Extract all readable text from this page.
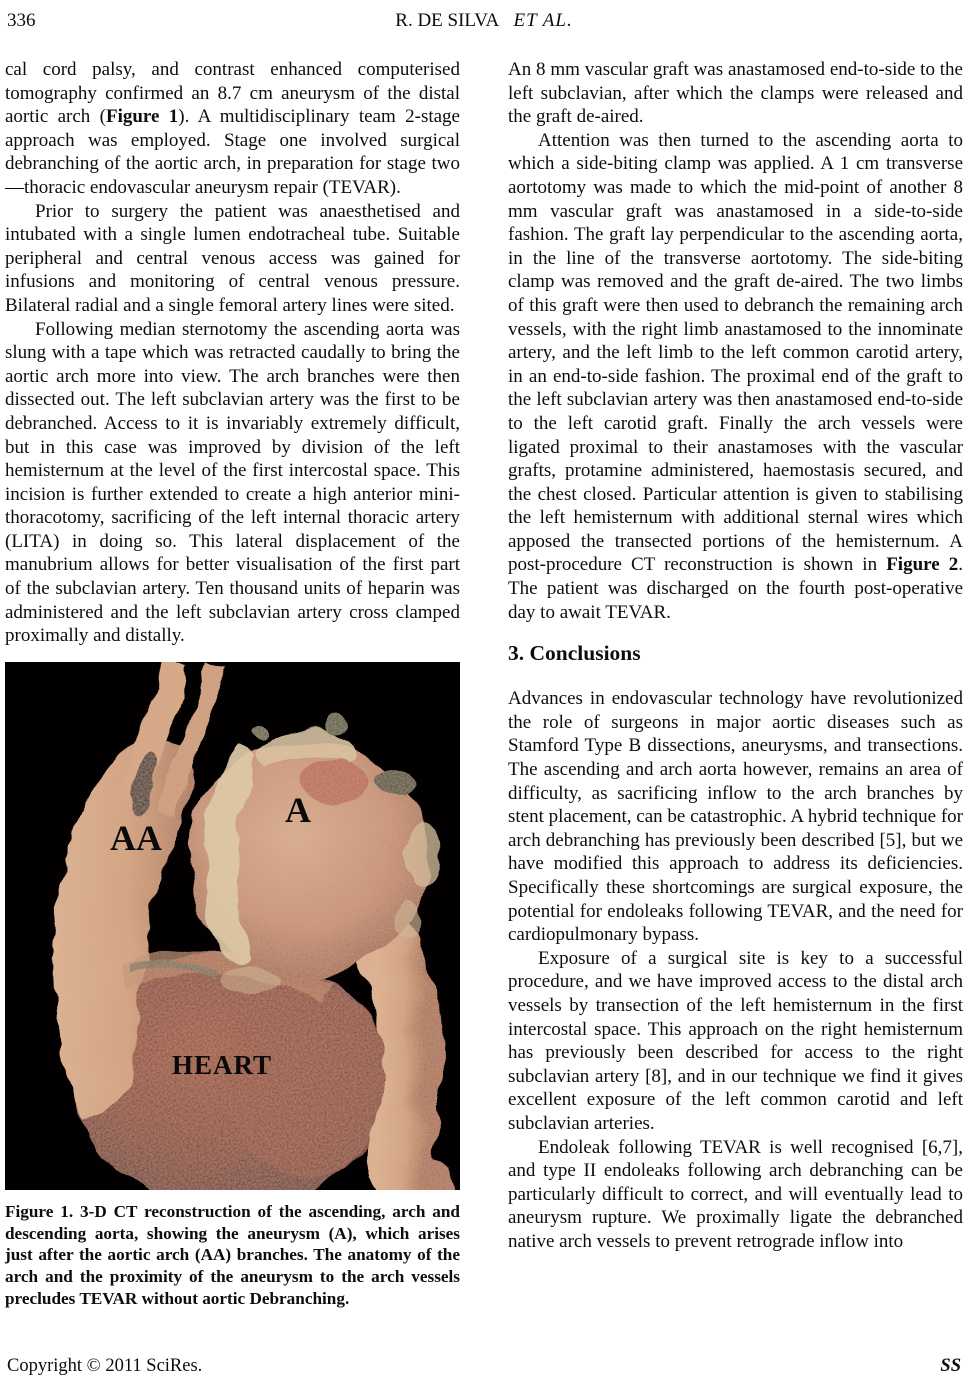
336	R. DE SILVA ET AL.

cal cord palsy, and contrast enhanced computerised tomography confirmed an 8.7 cm aneurysm of the distal aortic arch (Figure 1). A multidisciplinary team 2-stage approach was employed. Stage one involved surgical debranching of the aortic arch, in preparation for stage two—thoracic endovascular aneurysm repair (TEVAR).

Prior to surgery the patient was anaesthetised and intubated with a single lumen endotracheal tube. Suitable peripheral and central venous access was gained for infusions and monitoring of central venous pressure. Bilateral radial and a single femoral artery lines were sited.

Following median sternotomy the ascending aorta was slung with a tape which was retracted caudally to bring the aortic arch more into view. The arch branches were then dissected out. The left subclavian artery was the first to be debranched. Access to it is invariably extremely difficult, but in this case was improved by division of the left hemisternum at the level of the first intercostal space. This incision is further extended to create a high anterior mini-thoracotomy, sacrificing of the left internal thoracic artery (LITA) in doing so. This lateral displacement of the manubrium allows for better visualisation of the first part of the subclavian artery. Ten thousand units of heparin was administered and the left subclavian artery cross clamped proximally and distally.

AA
A
HEART
Figure 1. 3-D CT reconstruction of the ascending, arch and descending aorta, showing the aneurysm (A), which arises just after the aortic arch (AA) branches. The anatomy of the arch and the proximity of the aneurysm to the arch vessels precludes TEVAR without aortic Debranching.

An 8 mm vascular graft was anastamosed end-to-side to the left subclavian, after which the clamps were released and the graft de-aired.

Attention was then turned to the ascending aorta to which a side-biting clamp was applied. A 1 cm transverse aortotomy was made to which the mid-point of another 8 mm vascular graft was anastamosed in a side-to-side fashion. The graft lay perpendicular to the ascending aorta, in the line of the transverse aortotomy. The side-biting clamp was removed and the graft de-aired. The two limbs of this graft were then used to debranch the remaining arch vessels, with the right limb anastamosed to the innominate artery, and the left limb to the left common carotid artery, in an end-to-side fashion. The proximal end of the graft to the left subclavian artery was then anastamosed end-to-side to the left carotid graft. Finally the arch vessels were ligated proximal to their anastamoses with the vascular grafts, protamine administered, haemostasis secured, and the chest closed. Particular attention is given to stabilising the left hemisternum with additional sternal wires which apposed the transected portions of the hemisternum. A post-procedure CT reconstruction is shown in Figure 2. The patient was discharged on the fourth post-operative day to await TEVAR.

3. Conclusions

Advances in endovascular technology have revolutionized the role of surgeons in major aortic diseases such as Stamford Type B dissections, aneurysms, and transections. The ascending and arch aorta however, remains an area of difficulty, as sacrificing inflow to the arch branches by stent placement, can be catastrophic. A hybrid technique for arch debranching has previously been described [5], but we have modified this approach to address its deficiencies. Specifically these shortcomings are surgical exposure, the potential for endoleaks following TEVAR, and the need for cardiopulmonary bypass.

Exposure of a surgical site is key to a successful procedure, and we have improved access to the distal arch vessels by transection of the left hemisternum in the first intercostal space. This approach on the right hemisternum has previously been described for access to the right subclavian artery [8], and in our technique we find it gives excellent exposure of the left common carotid and left subclavian arteries.

Endoleak following TEVAR is well recognised [6,7], and type II endoleaks following arch debranching can be particularly difficult to correct, and will eventually lead to aneurysm rupture. We proximally ligate the debranched native arch vessels to prevent retrograde inflow into

Copyright © 2011 SciRes.	SS
